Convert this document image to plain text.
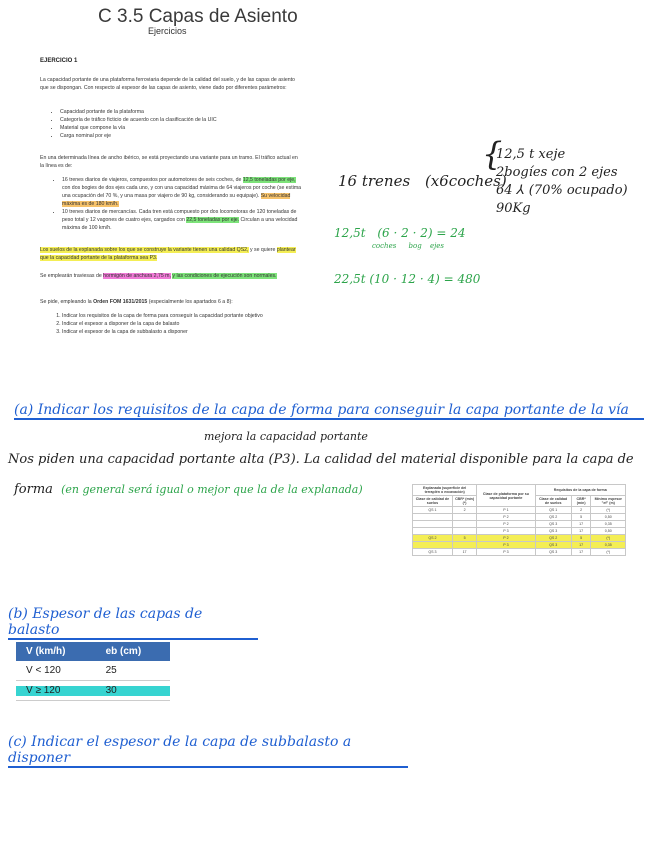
C 3.5 Capas de Asiento
Ejercicios
EJERCICIO 1
La capacidad portante de una plataforma ferroviaria depende de la calidad del suelo, y de las capas de asiento que se dispongan. Con respecto al espesor de las capas de asiento, viene dado por diferentes parámetros:
• Capacidad portante de la plataforma
• Categoría de tráfico ficticio de acuerdo con la clasificación de la UIC
• Material que compone la vía
• Carga nominal por eje
En una determinada línea de ancho ibérico, se está proyectando una variante para un tramo. El tráfico actual en la línea es de:
• 16 trenes diarios de viajeros, compuestos por automotores de seis coches, de 12,5 toneladas por eje, con dos bogies de dos ejes cada uno, y con una capacidad máxima de 64 viajeros por coche (se estima una ocupación del 70 %, y una masa por viajero de 90 kg, considerando su equipaje). Su velocidad máxima es de 180 km/h.
• 10 trenes diarios de mercancías. Cada tren está compuesto por dos locomotoras de 120 toneladas de peso total y 12 vagones de cuatro ejes, cargados con 22,5 toneladas por eje. Circulan a una velocidad máxima de 100 km/h.
Los suelos de la explanada sobre los que se construye la variante tienen una calidad QS2, y se quiere plantear que la capacidad portante de la plataforma sea P3.
Se emplearán traviesas de hormigón de anchura 2,75 m, y las condiciones de ejecución son normales.
Se pide, empleando la Orden FOM 1631/2015 (especialmente los apartados 6 a 8):
1. Indicar los requisitos de la capa de forma para conseguir la capacidad portante objetivo
2. Indicar el espesor a disponer de la capa de balasto
3. Indicar el espesor de la capa de subbalasto a disponer
16 trenes (x6coches)
{
12,5 t xeje
2bogíes con 2 ejes
64 ⅄ (70% ocupado)
90Kg
12,5t (6 · 2 · 2) = 24
coches bog ejes
22,5t (10 · 12 · 4) = 480
(a) Indicar los requisitos de la capa de forma para conseguir la capa portante de la vía
mejora la capacidad portante
Nos piden una capacidad portante alta (P3). La calidad del material disponible para la capa de
forma (en general será igual o mejor que la de la explanada)	Explanada (superficie del terraplén o excavación)		Clase de plataforma por su capacidad portante	Requisitos de la capa de forma		
Clase de calidad de suelos	CBR* (mín) (*)		Clase de calidad de suelos	CBR* (mín)	Mínimo espesor "ef" (m)
QS 1	2	P 1	QS 1	2	(*)
		P 2	QS 2	5	0,50
		P 2	QS 3	17	0,35
		P 3	QS 3	17	0,50
QS 2	5	P 2	QS 2	5	(*)
		P 3	QS 3	17	0,35
QS 3	17	P 3	QS 3	17	(*)
(b) Espesor de las capas de balasto
V (km/h)	eb (cm)
V < 120	25
V ≥ 120	30
(c) Indicar el espesor de la capa de subbalasto a disponer
